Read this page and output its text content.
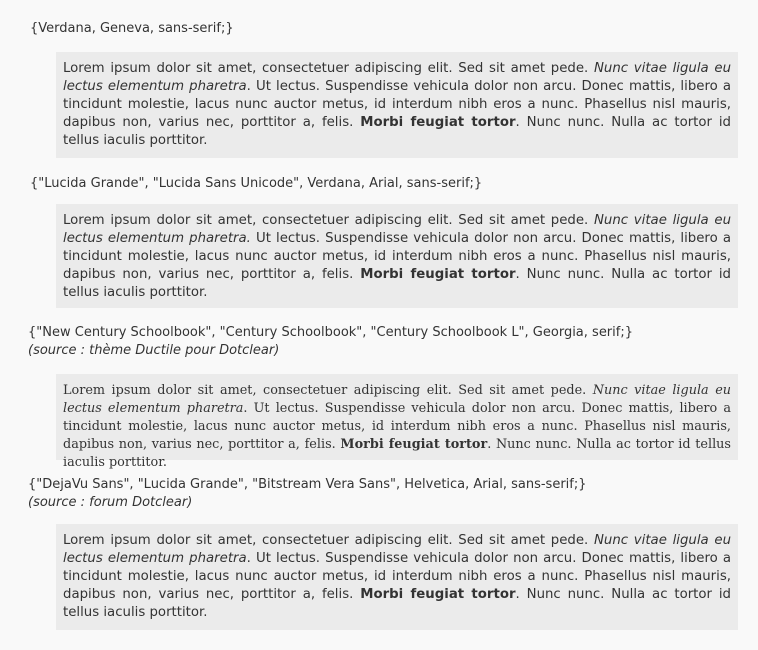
{Verdana, Geneva, sans-serif;}
Lorem ipsum dolor sit amet, consectetuer adipiscing elit. Sed sit amet pede. Nunc vitae ligula eu lectus elementum pharetra. Ut lectus. Suspendisse vehicula dolor non arcu. Donec mattis, libero a tincidunt molestie, lacus nunc auctor metus, id interdum nibh eros a nunc. Phasellus nisl mauris, dapibus non, varius nec, porttitor a, felis. Morbi feugiat tortor. Nunc nunc. Nulla ac tortor id tellus iaculis porttitor.
{"Lucida Grande", "Lucida Sans Unicode", Verdana, Arial, sans-serif;}
Lorem ipsum dolor sit amet, consectetuer adipiscing elit. Sed sit amet pede. Nunc vitae ligula eu lectus elementum pharetra. Ut lectus. Suspendisse vehicula dolor non arcu. Donec mattis, libero a tincidunt molestie, lacus nunc auctor metus, id interdum nibh eros a nunc. Phasellus nisl mauris, dapibus non, varius nec, porttitor a, felis. Morbi feugiat tortor. Nunc nunc. Nulla ac tortor id tellus iaculis porttitor.
{"New Century Schoolbook", "Century Schoolbook", "Century Schoolbook L", Georgia, serif;}
(source : thème Ductile pour Dotclear)
Lorem ipsum dolor sit amet, consectetuer adipiscing elit. Sed sit amet pede. Nunc vitae ligula eu lectus elementum pharetra. Ut lectus. Suspendisse vehicula dolor non arcu. Donec mattis, libero a tincidunt molestie, lacus nunc auctor metus, id interdum nibh eros a nunc. Phasellus nisl mauris, dapibus non, varius nec, porttitor a, felis. Morbi feugiat tortor. Nunc nunc. Nulla ac tortor id tellus iaculis porttitor.
{"DejaVu Sans", "Lucida Grande", "Bitstream Vera Sans", Helvetica, Arial, sans-serif;}
(source : forum Dotclear)
Lorem ipsum dolor sit amet, consectetuer adipiscing elit. Sed sit amet pede. Nunc vitae ligula eu lectus elementum pharetra. Ut lectus. Suspendisse vehicula dolor non arcu. Donec mattis, libero a tincidunt molestie, lacus nunc auctor metus, id interdum nibh eros a nunc. Phasellus nisl mauris, dapibus non, varius nec, porttitor a, felis. Morbi feugiat tortor. Nunc nunc. Nulla ac tortor id tellus iaculis porttitor.
